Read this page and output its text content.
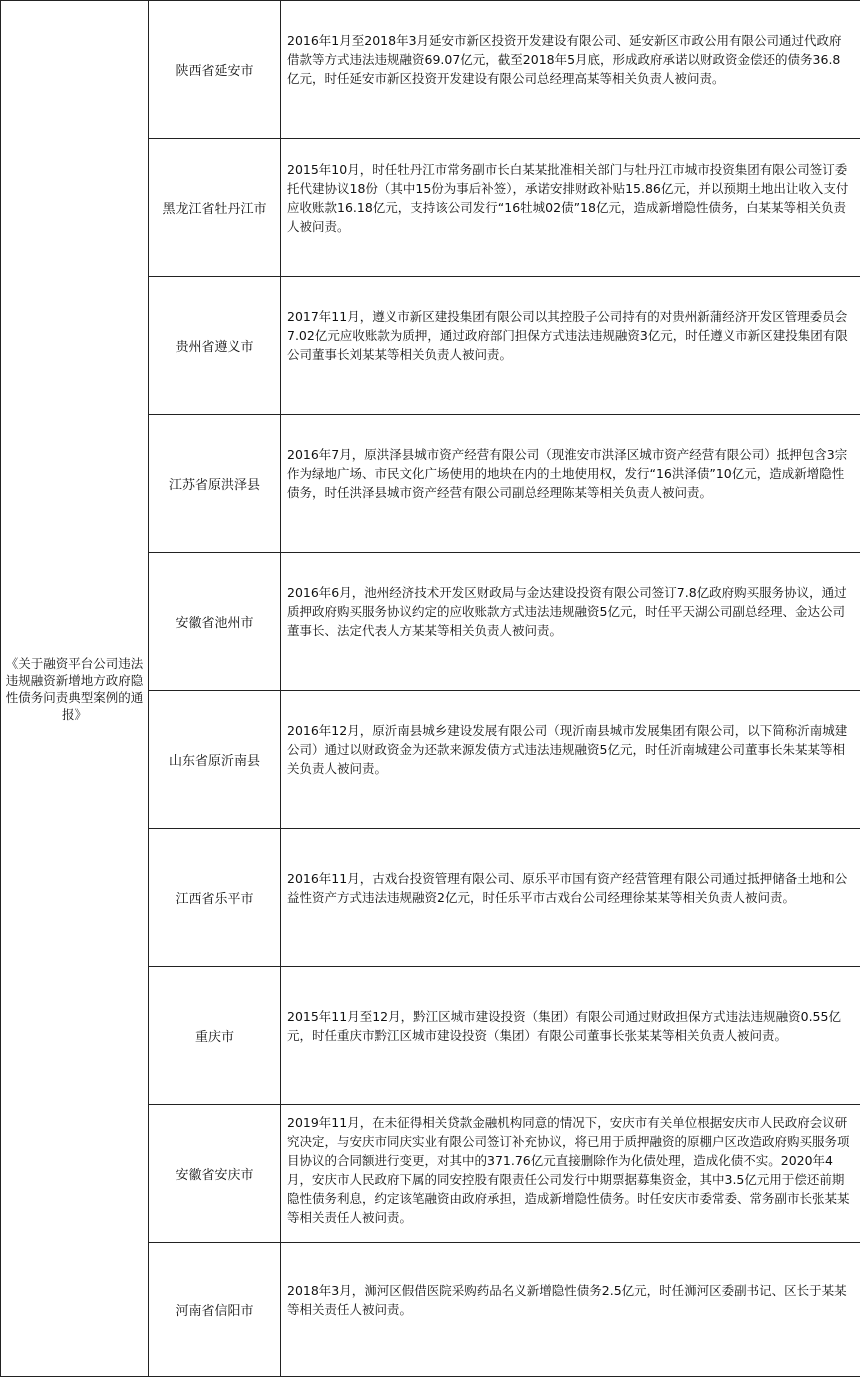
《关于融资平台公司违法违规融资新增地方政府隐性债务问责典型案例的通报》	陕西省延安市	2016年1月至2018年3月延安市新区投资开发建设有限公司、延安新区市政公用有限公司通过代政府借款等方式违法违规融资69.07亿元，截至2018年5月底，形成政府承诺以财政资金偿还的债务36.8亿元，时任延安市新区投资开发建设有限公司总经理高某等相关负责人被问责。

	黑龙江省牡丹江市	2015年10月，时任牡丹江市常务副市长白某某批准相关部门与牡丹江市城市投资集团有限公司签订委托代建协议18份（其中15份为事后补签），承诺安排财政补贴15.86亿元，并以预期土地出让收入支付应收账款16.18亿元，支持该公司发行“16牡城02债”18亿元，造成新增隐性债务，白某某等相关负责人被问责。

	贵州省遵义市	2017年11月，遵义市新区建投集团有限公司以其控股子公司持有的对贵州新蒲经济开发区管理委员会7.02亿元应收账款为质押，通过政府部门担保方式违法违规融资3亿元，时任遵义市新区建投集团有限公司董事长刘某某等相关负责人被问责。

	江苏省原洪泽县	2016年7月，原洪泽县城市资产经营有限公司（现淮安市洪泽区城市资产经营有限公司）抵押包含3宗作为绿地广场、市民文化广场使用的地块在内的土地使用权，发行“16洪泽债”10亿元，造成新增隐性债务，时任洪泽县城市资产经营有限公司副总经理陈某等相关负责人被问责。

	安徽省池州市	2016年6月，池州经济技术开发区财政局与金达建设投资有限公司签订7.8亿政府购买服务协议，通过质押政府购买服务协议约定的应收账款方式违法违规融资5亿元，时任平天湖公司副总经理、金达公司董事长、法定代表人方某某等相关负责人被问责。

	山东省原沂南县	2016年12月，原沂南县城乡建设发展有限公司（现沂南县城市发展集团有限公司，以下简称沂南城建公司）通过以财政资金为还款来源发债方式违法违规融资5亿元，时任沂南城建公司董事长朱某某等相关负责人被问责。

	江西省乐平市	2016年11月，古戏台投资管理有限公司、原乐平市国有资产经营管理有限公司通过抵押储备土地和公益性资产方式违法违规融资2亿元，时任乐平市古戏台公司经理徐某某等相关负责人被问责。

	重庆市	2015年11月至12月，黔江区城市建设投资（集团）有限公司通过财政担保方式违法违规融资0.55亿元，时任重庆市黔江区城市建设投资（集团）有限公司董事长张某某等相关负责人被问责。

	安徽省安庆市	2019年11月，在未征得相关贷款金融机构同意的情况下，安庆市有关单位根据安庆市人民政府会议研究决定，与安庆市同庆实业有限公司签订补充协议，将已用于质押融资的原棚户区改造政府购买服务项目协议的合同额进行变更，对其中的371.76亿元直接删除作为化债处理，造成化债不实。2020年4月，安庆市人民政府下属的同安控股有限责任公司发行中期票据募集资金，其中3.5亿元用于偿还前期隐性债务利息，约定该笔融资由政府承担，造成新增隐性债务。时任安庆市委常委、常务副市长张某某等相关责任人被问责。

	河南省信阳市	2018年3月，浉河区假借医院采购药品名义新增隐性债务2.5亿元，时任浉河区委副书记、区长于某某等相关责任人被问责。
